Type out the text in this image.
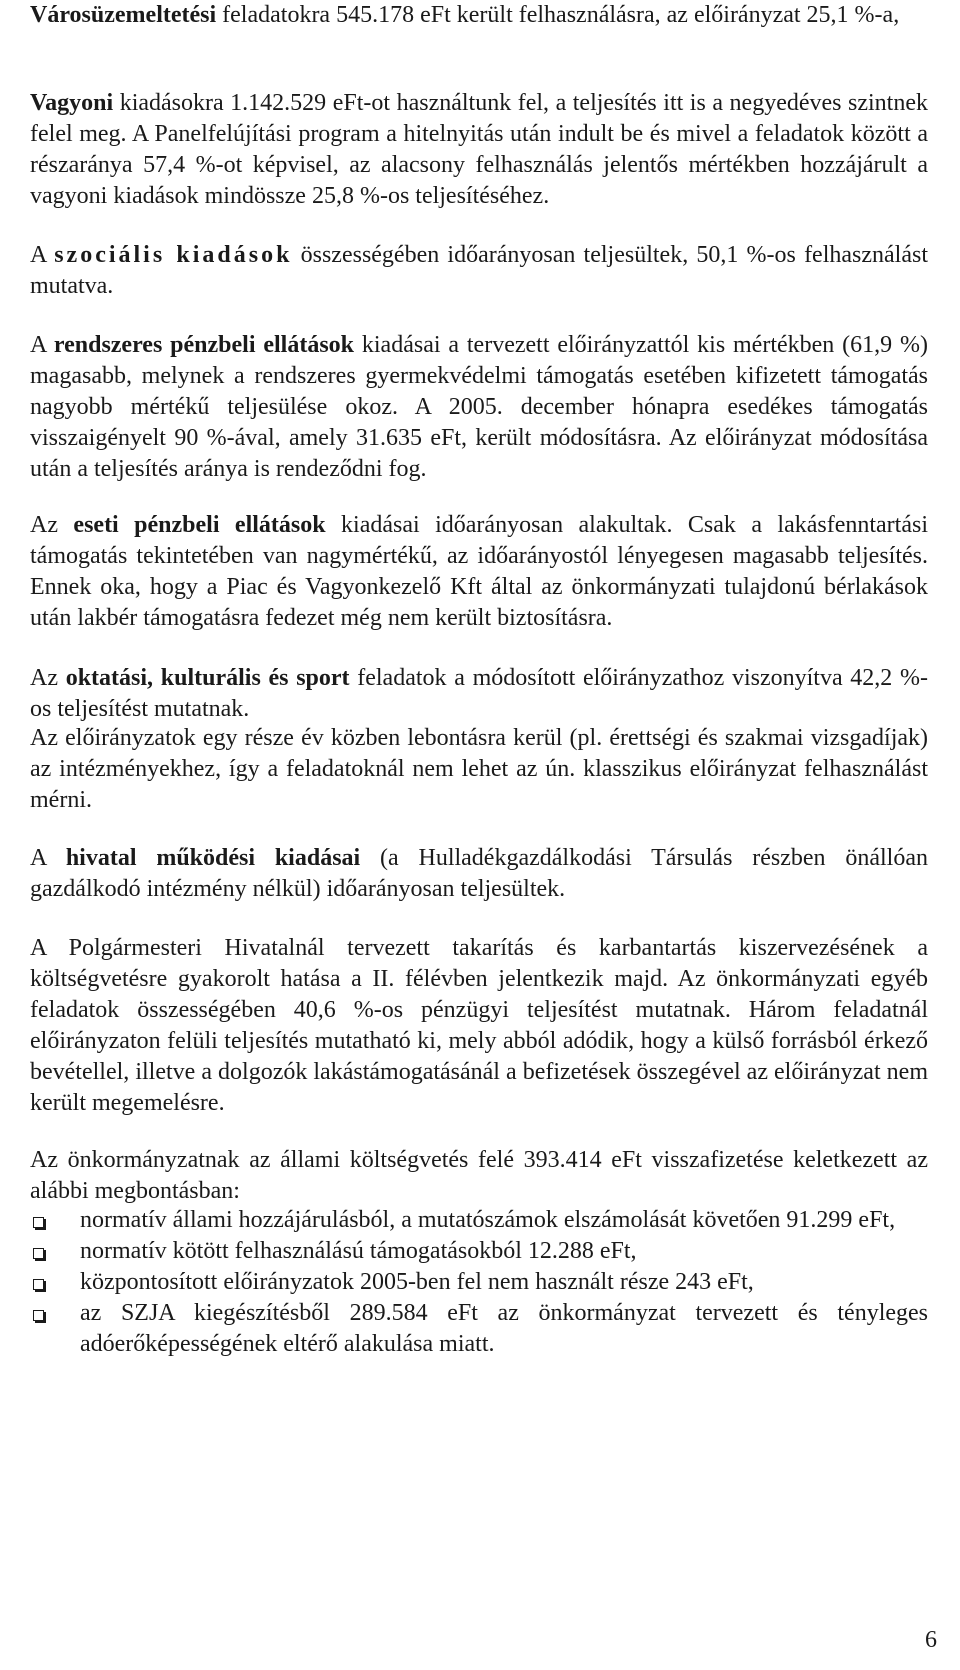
Városüzemeltetési feladatokra 545.178 eFt került felhasználásra, az előirányzat 25,1 %-a,

Vagyoni kiadásokra 1.142.529 eFt-ot használtunk fel, a teljesítés itt is a negyedéves szintnek felel meg. A Panelfelújítási program a hitelnyitás után indult be és mivel a feladatok között a részaránya 57,4 %-ot képvisel, az alacsony felhasználás jelentős mértékben hozzájárult a vagyoni kiadások mindössze 25,8 %-os teljesítéséhez.

A szociális kiadások összességében időarányosan teljesültek, 50,1 %-os felhasználást mutatva.

A rendszeres pénzbeli ellátások kiadásai a tervezett előirányzattól kis mértékben (61,9 %) magasabb, melynek a rendszeres gyermekvédelmi támogatás esetében kifizetett támogatás nagyobb mértékű teljesülése okoz. A 2005. december hónapra esedékes támogatás visszaigényelt 90 %-ával, amely 31.635 eFt, került módosításra. Az előirányzat módosítása után a teljesítés aránya is rendeződni fog.

Az eseti pénzbeli ellátások kiadásai időarányosan alakultak. Csak a lakásfenntartási támogatás tekintetében van nagymértékű, az időarányostól lényegesen magasabb teljesítés. Ennek oka, hogy a Piac és Vagyonkezelő Kft által az önkormányzati tulajdonú bérlakások után lakbér támogatásra fedezet még nem került biztosításra.

Az oktatási, kulturális és sport feladatok a módosított előirányzathoz viszonyítva 42,2 %-os teljesítést mutatnak.

Az előirányzatok egy része év közben lebontásra kerül (pl. érettségi és szakmai vizsgadíjak) az intézményekhez, így a feladatoknál nem lehet az ún. klasszikus előirányzat felhasználást mérni.

A hivatal működési kiadásai (a Hulladékgazdálkodási Társulás részben önállóan gazdálkodó intézmény nélkül) időarányosan teljesültek.

A Polgármesteri Hivatalnál tervezett takarítás és karbantartás kiszervezésének a költségvetésre gyakorolt hatása a II. félévben jelentkezik majd. Az önkormányzati egyéb feladatok összességében 40,6 %-os pénzügyi teljesítést mutatnak. Három feladatnál előirányzaton felüli teljesítés mutatható ki, mely abból adódik, hogy a külső forrásból érkező bevétellel, illetve a dolgozók lakástámogatásánál a befizetések összegével az előirányzat nem került megemelésre.

Az önkormányzatnak az állami költségvetés felé 393.414 eFt visszafizetése keletkezett az alábbi megbontásban:

normatív állami hozzájárulásból, a mutatószámok elszámolását követően 91.299 eFt,
normatív kötött felhasználású támogatásokból 12.288 eFt,
központosított előirányzatok 2005-ben fel nem használt része 243 eFt,
az SZJA kiegészítésből 289.584 eFt az önkormányzat tervezett és tényleges adóerőképességének eltérő alakulása miatt.
6
